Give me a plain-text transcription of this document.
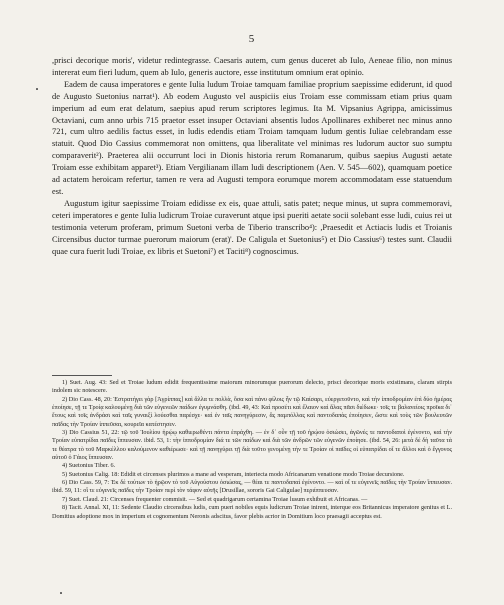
5

,prisci decorique moris', videtur redintegrasse. Caesaris autem, cum genus duceret ab Iulo, Aeneae filio, non minus intererat eum fieri ludum, quem ab Iulo, generis auctore, esse institutum omnium erat opinio.

Eadem de causa imperatores e gente Iulia ludum Troiae tamquam familiae proprium saepissime ediderunt, id quod de Augusto Suetonius narrat¹). Ab eodem Augusto vel auspiciis eius Troiam esse commissam etiam prius quam imperium ad eum erat delatum, saepius apud rerum scriptores legimus. Ita M. Vipsanius Agrippa, amicissimus Octaviani, cum anno urbis 715 praetor esset insuper Octaviani absentis ludos Apollinares exhiberet nec minus anno 721, cum ultro aedilis factus esset, in ludis edendis etiam Troiam tamquam ludum gentis Iuliae celebrandam esse statuit. Quod Dio Cassius commemorat non omittens, qua liberalitate vel minimas res ludorum auctor suo sumptu comparaverit²). Praeterea alii occurrunt loci in Dionis historia rerum Romanarum, quibus saepius Augusti aetate Troiam esse exhibitam apparet³). Etiam Vergilianam illam ludi descriptionem (Aen. V. 545—602), quamquam poetice ad actatem heroicam refertur, tamen re vera ad Augusti tempora eorumque morem accommodatam esse statuendum est.

Augustum igitur saepissime Troiam edidisse ex eis, quae attuli, satis patet; neque minus, ut supra commemoravi, ceteri imperatores e gente Iulia ludicrum Troiae curaverunt atque ipsi pueriti aetate socii solebant esse ludi, cuius rei ut testimonia veterum proferam, primum Suetoni verba de Tiberio transcribo⁴): ,Praesedit et Actiacis ludis et Troianis Circensibus ductor turmae puerorum maiorum (erat)'. De Caligula et Suetonius⁵) et Dio Cassius⁶) testes sunt. Claudii quae cura fuerit ludi Troiae, ex libris et Suetoni⁷) et Taciti⁸) cognoscimus.

1) Suet. Aug. 43: Sed et Troiae ludum edidit frequentissime maiorum minorumque puerorum delecto, prisci decorique moris existimans, claram stirpis indolem sic notescere.

2) Dio Cass. 48, 20: Ἐστρατήγει γὰρ [Ἀγρίππας] καὶ ἄλλα τε πολλὰ, ὅσα καὶ πάνυ φίλοις ἦν τῷ Καίσαρι, εὐεργετοῦντο, καὶ τὴν ἱπποδρομίαν ἐπὶ δύο ἡμέρας ἐποίησε, τῇ τε Τροίᾳ καλουμένῃ διὰ τῶν εὐγενεῶν παίδων ἐγυμνάσθη. (ibd. 49, 43: Καὶ πρoσέτι καὶ ἔλαιον καὶ ἅλας πᾶσι διέδωκε· τοῖς τε βαλανείοις προῖκα δι᾽ ἔτους καὶ τοῖς ἀνδράσι καὶ ταῖς γυναιξὶ λούεσθαι παρέσχε· καὶ ἐν ταῖς πανηγύρεσιν, ἃς παμπόλλας καὶ παντοδαπὰς ἐποίησεν, ὥστε καὶ τοὺς τῶν βουλευτῶν παῖδας τὴν Τροίαν ἱππεῦσαι, κουρεῖα κατέστησεν.

3) Dio Cassius 51, 22: τῷ τοῦ Ἰουλίου ἡρῴῳ καθιερωθέντι πάντα ἐπράχθη. — ἐν δ᾽ οὖν τῇ τοῦ ἡρῴου ὁσιώσει, ἀγῶνές τε παντοδαποὶ ἐγένοντο, καὶ τὴν Τροίαν εὐπατρίδαι παῖδες ἵππευσαν. ibid. 53, 1: τὴν ἱπποδρομίαν διά τε τῶν παίδων καὶ διὰ τῶν ἀνδρῶν τῶν εὐγενῶν ἐποίησε. (ibd. 54, 26: μετὰ δὲ δὴ ταῦτα τὰ τε θέατρα τὸ τοῦ Μαρκέλλου καλούμενον καθιέρωσε· καὶ τῇ πανηγύρει τῇ διὰ τοῦτο γενομένῃ τήν τε Τροίαν οἱ παῖδες οἱ εὐπατρίδαι οἵ τε ἄλλοι καὶ ὁ ἔγγονος αὐτοῦ ὁ Γάιος ἵππευσαν.

4) Suetonius Tiber. 6.

5) Suetonius Calig. 18: Edidit et circenses plurimos a mane ad vesperam, interiecta modo Africanarum venatione modo Troiae decursione.

6) Dio Cass. 59, 7: Ἐκ δὲ τούτων τὸ ἡρῷον τὸ τοῦ Αὐγούστου ὁσιώσας, — θέαι τε παντοδαπαὶ ἐγένοντο. — καὶ οἵ τε εὐγενεῖς παῖδες τὴν Τροίαν ἵππευσαν. ibid. 59, 11: οἵ τε εὐγενεῖς παῖδες τὴν Τροίαν περὶ τὸν τάφον αὐτῆς [Drusillae, sororis Gai Caligulae] περιίππευσαν.

7) Suet. Claud. 21: Circenses frequenter commisit. — Sed et quadrigarum certamina Troiae lusum exhibuit et Africanas. —

8) Tacit. Annal. XI, 11: Sedente Claudio circensibus ludis, cum pueri nobiles equis ludicrum Troiae inirent, interque eos Britannicus imperatore genitus et L. Domitius adoptione mox in imperium et cognomentum Neronis adscitus, favor plebis acrior in Domitium loco praesagii acceptus est.
